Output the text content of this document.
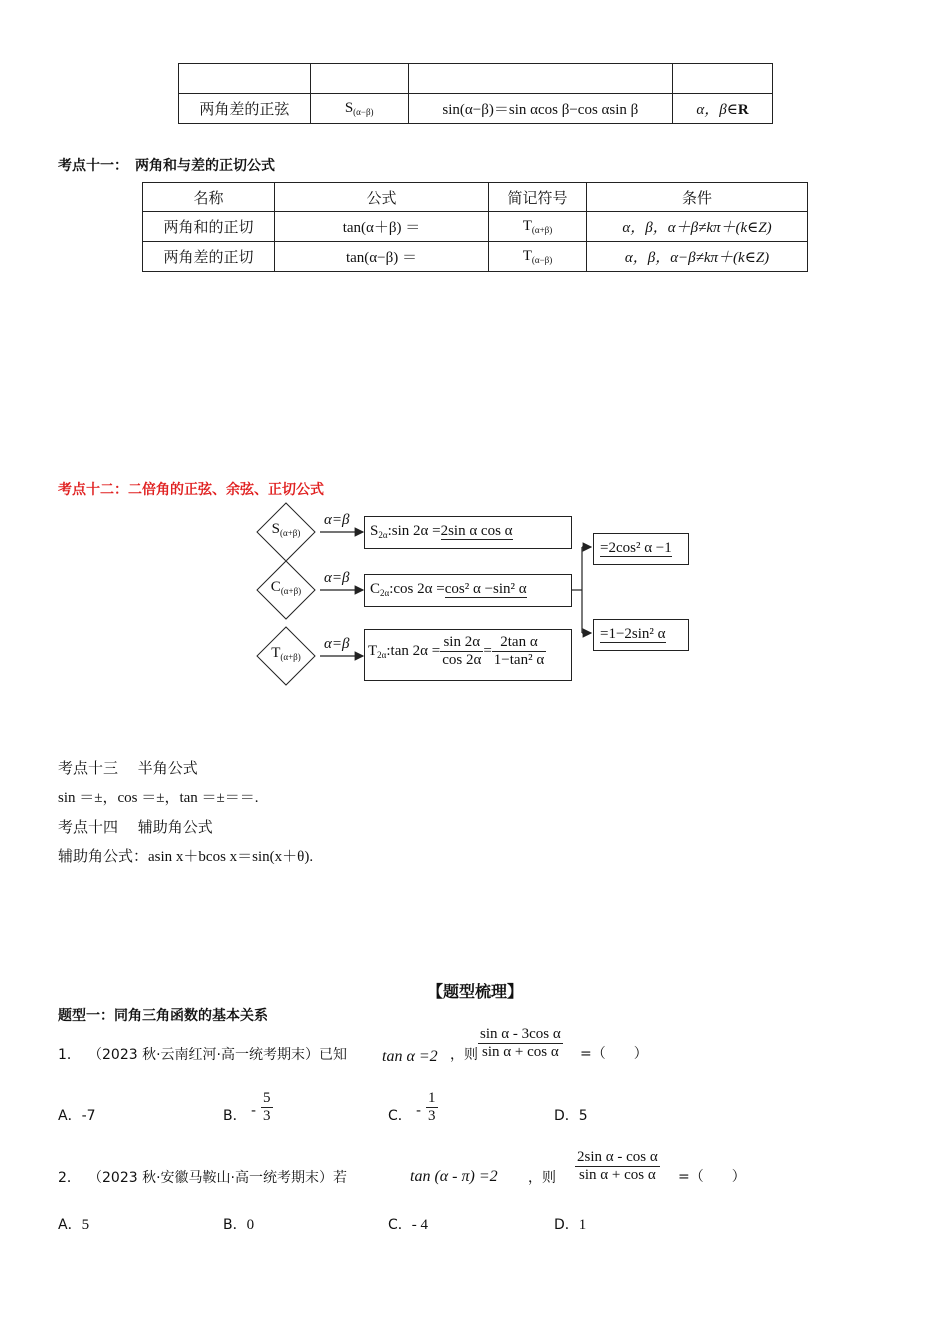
两角差的正弦	$S_{(\alpha-\beta)}$	sin(α−β)＝sin αcos β−cos αsin β	α，β∈R
考点十一：　两角和与差的正切公式
名称	公式	简记符号	条件
两角和的正切	tan(α＋β) ＝	$T_{(\alpha+\beta)}$	α，β，α＋β≠kπ＋(k∈Z)
两角差的正切	tan(α−β) ＝	$T_{(\alpha-\beta)}$	α，β，α−β≠kπ＋(k∈Z)
考点十二：二倍角的正弦、余弦、正切公式
$S_{(\alpha+\beta)}$
$C_{(\alpha+\beta)}$
$T_{(\alpha+\beta)}$
α=β
α=β
α=β
$S_{2\alpha}:\sin$ 2α =2sin α cos α
$C_{2\alpha}:\cos$ 2α =cos² α −sin² α
$T_{2\alpha}:\tan$ $2\alpha = \frac{\sin 2\alpha}{\cos 2\alpha} = \frac{\text{2tan α}}{\text{1−tan² α}}$
=2cos² α −1
=1−2sin² α
考点十三　 半角公式
sin ＝±，cos ＝±，tan ＝±＝＝.
考点十四　 辅助角公式
辅助角公式：asin x＋bcos x＝sin(x＋θ).
【题型梳理】
题型一：同角三角函数的基本关系
1． （2023 秋·云南红河·高一统考期末）已知 tan α =2 ，则 $\frac{\text{sin α - 3cos α}}{\text{sin α + cos α}}$ =（　　）
A．-7	B． - $\frac{5}{3}$	C． - $\frac{1}{3}$	D．5
2． （2023 秋·安徽马鞍山·高一统考期末）若	tan (α - π) =2 ，则 $\frac{\text{2sin α - cos α}}{\text{sin α + cos α}}$ =（　　）
A．5	B．0	C．- 4	D．1
